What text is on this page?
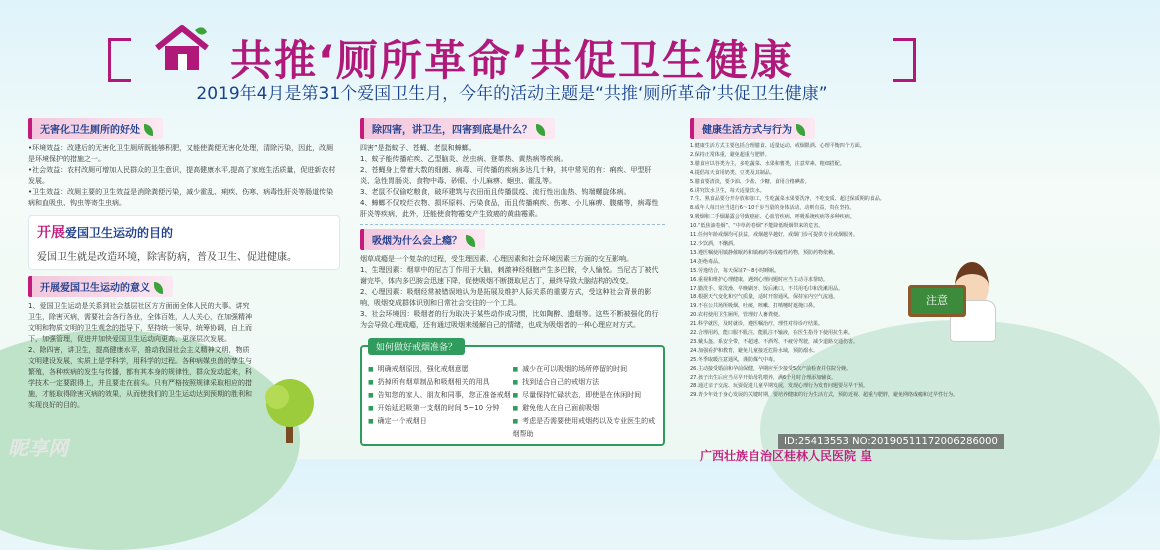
共推‘厕所革命’共促卫生健康
2019年4月是第31个爱国卫生月，今年的活动主题是“共推‘厕所革命’共促卫生健康”
无害化卫生厕所的好处

•环境效益：改建后的无害化卫生厕所既能够积肥，又能使粪便无害化处理，清除污染，因此，改厕是环境保护的措施之一。

•社会效益：农村改厕可增加人民群众的卫生意识，提高健康水平,提高了家庭生活质量，促进新农村发展。

•卫生效益：改厕主要的卫生效益是消除粪便污染，减少霍乱、痢疾、伤寒、病毒性肝炎等肠道传染病和血吸虫、钩虫等寄生虫病。

开展爱国卫生运动的目的
爱国卫生就是改造环境，除害防病，普及卫生、促进健康。
开展爱国卫生运动的意义

1、爱国卫生运动是关系到社会基层社区方方面面全体人民的大事。讲究卫生，除害灭病，需要社会各行各业，全体百姓，人人关心，在加强精神文明和物质文明的卫生观念的指导下，坚持统一领导，统筹协调，自上而下，加强管理，促进并加快爱国卫生运动向更高、更深层次发展。

2、除四害，讲卫生，提高健康水平，推动我国社会主义精神文明，物质文明建设发展，实质上是学科学，用科学的过程。各种病媒虫兽的孳生与繁殖，各种疾病的发生与传播，都有其本身的规律性，群众发动起来，科学技术一定要跟得上，并且要走在前头。只有严格按照规律采取相应的措施，才能取得除害灭病的效果，从而使我们的卫生运动达到预期的胜利和实现良好的目的。

除四害，讲卫生，四害到底是什么？

四害”是指蚊子、苍蝇、老鼠和蟑螂。

1、蚊子能传播疟疾、乙型脑炎、丝虫病、登革热、黄热病等疾病。

2、苍蝇身上带着大数的细菌、病毒、可传播的疾病多达几十种，其中常见的有：痢疾、甲型肝炎、急性胃肠炎、食物中毒、砂眼、小儿麻痹、蛔虫、霍乱等。

3、老鼠不仅偷吃粮食，破坏建筑与衣田而且传播鼠疫、流行性出血热、钩端螺旋体病。

4、蟑螂不仅咬烂衣物、损坏原料、污染食品，而且传播痢疾、伤寒、小儿麻痹、腹痛等，病毒性肝炎等疾病，此外，还能使食物霉变产生致癌的黄曲霉素。

吸烟为什么会上瘾？

烟草成瘾是一个复杂的过程，受生理因素、心理因素和社会环境因素三方面的交互影响。

1、生理因素：烟草中的尼古丁作用于大脑，刺激神经细胞产生多巴胺，令人愉悦。当尼古丁被代谢完毕，体内多巴胺会迅速下降，促使吸烟不断摄取尼古丁，最终导致大脑结构的改变。

2、心理因素：吸烟经常被错误地认为是拓展及维护人际关系的重要方式，受这种社会背景的影响，吸烟变成群体识别和日常社会交往的一个工具。

3、社会环境因：吸烟者的行为取决于某些动作成习惯，比如陶醉、遗烟等。这些不断被强化的行为会导致心理成瘾，还有通过吸烟来缓解自己的情绪，也成为吸烟者的一种心理应对方式。

如何做好戒烟准备？
■ 明确戒烟原因，强化戒烟意愿	■ 减少在可以吸烟的场所停留的时间
■ 扔掉所有烟草制品和吸烟相关的用具	■ 找到适合自己的戒烟方法
■ 告知您的家人、朋友和同事，您正准备戒烟	■ 尽量保持忙碌状态，即使是在休闲时间
■ 开始延迟吸第一支烟的时间 5~10 分钟	■ 避免他人在自己面前吸烟
■ 确定一个戒烟日	■ 考虑是否需要使用戒烟药以及专业医生的戒烟帮助
健康生活方式与行为

1.健康生活方式主要包括合理膳食、适量运动、戒烟限酒、心理平衡四个方面。

2.保持正常体重，避免超重与肥胖。

3.膳食应以谷类为主，多吃蔬菜、水果和薯类，注意荤素、粗细搭配。

4.提倡每天食用奶类、豆类及其制品。

5.膳食要清淡，要少油、少盐、少糖，食用合格碘盐。

6.讲究饮水卫生，每天适量饮水。

7.生、熟食品要分开存放和加工，生吃蔬菜水果要洗净，不吃变质、超过保质期的食品。

8.成年人每日应当进行6～10千步当量的身体活动，动则有益，贵在坚持。

9.吸烟和二手烟暴露会导致癌症、心血管疾病、呼吸系统疾病等多种疾病。

10.“低焦油卷烟”、“中草药卷烟”不能降低吸烟带来的危害。

11.任何年龄戒烟均可获益，戒烟越早越好，戒烟门诊可提供专业戒烟服务。

12.少饮酒，不酗酒。

13.遵医嘱使用镇静催眠药和镇痛药等成瘾性药物，预防药物依赖。

14.拒绝毒品。

15.劳逸结合，每天保证7～8小时睡眠。

16.重视和维护心理健康，遇到心理问题时应当主动寻求帮助。

17.勤洗手、常洗澡、早晚刷牙、饭后漱口，不共用毛巾和洗漱用品。

18.根据天气变化和空气质量，适时开窗通风，保持室内空气流通。

19.不在公共场所吸烟、吐痰，咳嗽、打喷嚏时遮掩口鼻。

20.农村使用卫生厕所，管理好人畜粪便。

21.科学就医，及时就诊，遵医嘱治疗，理性对待诊疗结果。

22.合理用药，能口服不肌注，能肌注不输液，在医生指导下使用抗生素。

23.戴头盔、系安全带，不超速、不酒驾、不疲劳驾驶，减少道路交通伤害。

24.加强看护和教育，避免儿童接近危险水域，预防溺水。

25.冬季取暖注意通风，谨防煤气中毒。

26.主动接受婚前和孕前保健，孕期应至少接受5次产前检查并住院分娩。

27.孩子出生后应当尽早开始母乳喂养，满6个月时合理添加辅食。

28.通过亲子交流、玩耍促进儿童早期发展，发现心理行为发育问题要尽早干预。

29.青少年处于身心发展的关键时期，要培养健康的行为生活方式，预防近视、超重与肥胖，避免网络成瘾和过早性行为。

注意
昵享网	广西壮族自治区桂林人民医院 皇
ID:25413553 NO:20190511172006286000
